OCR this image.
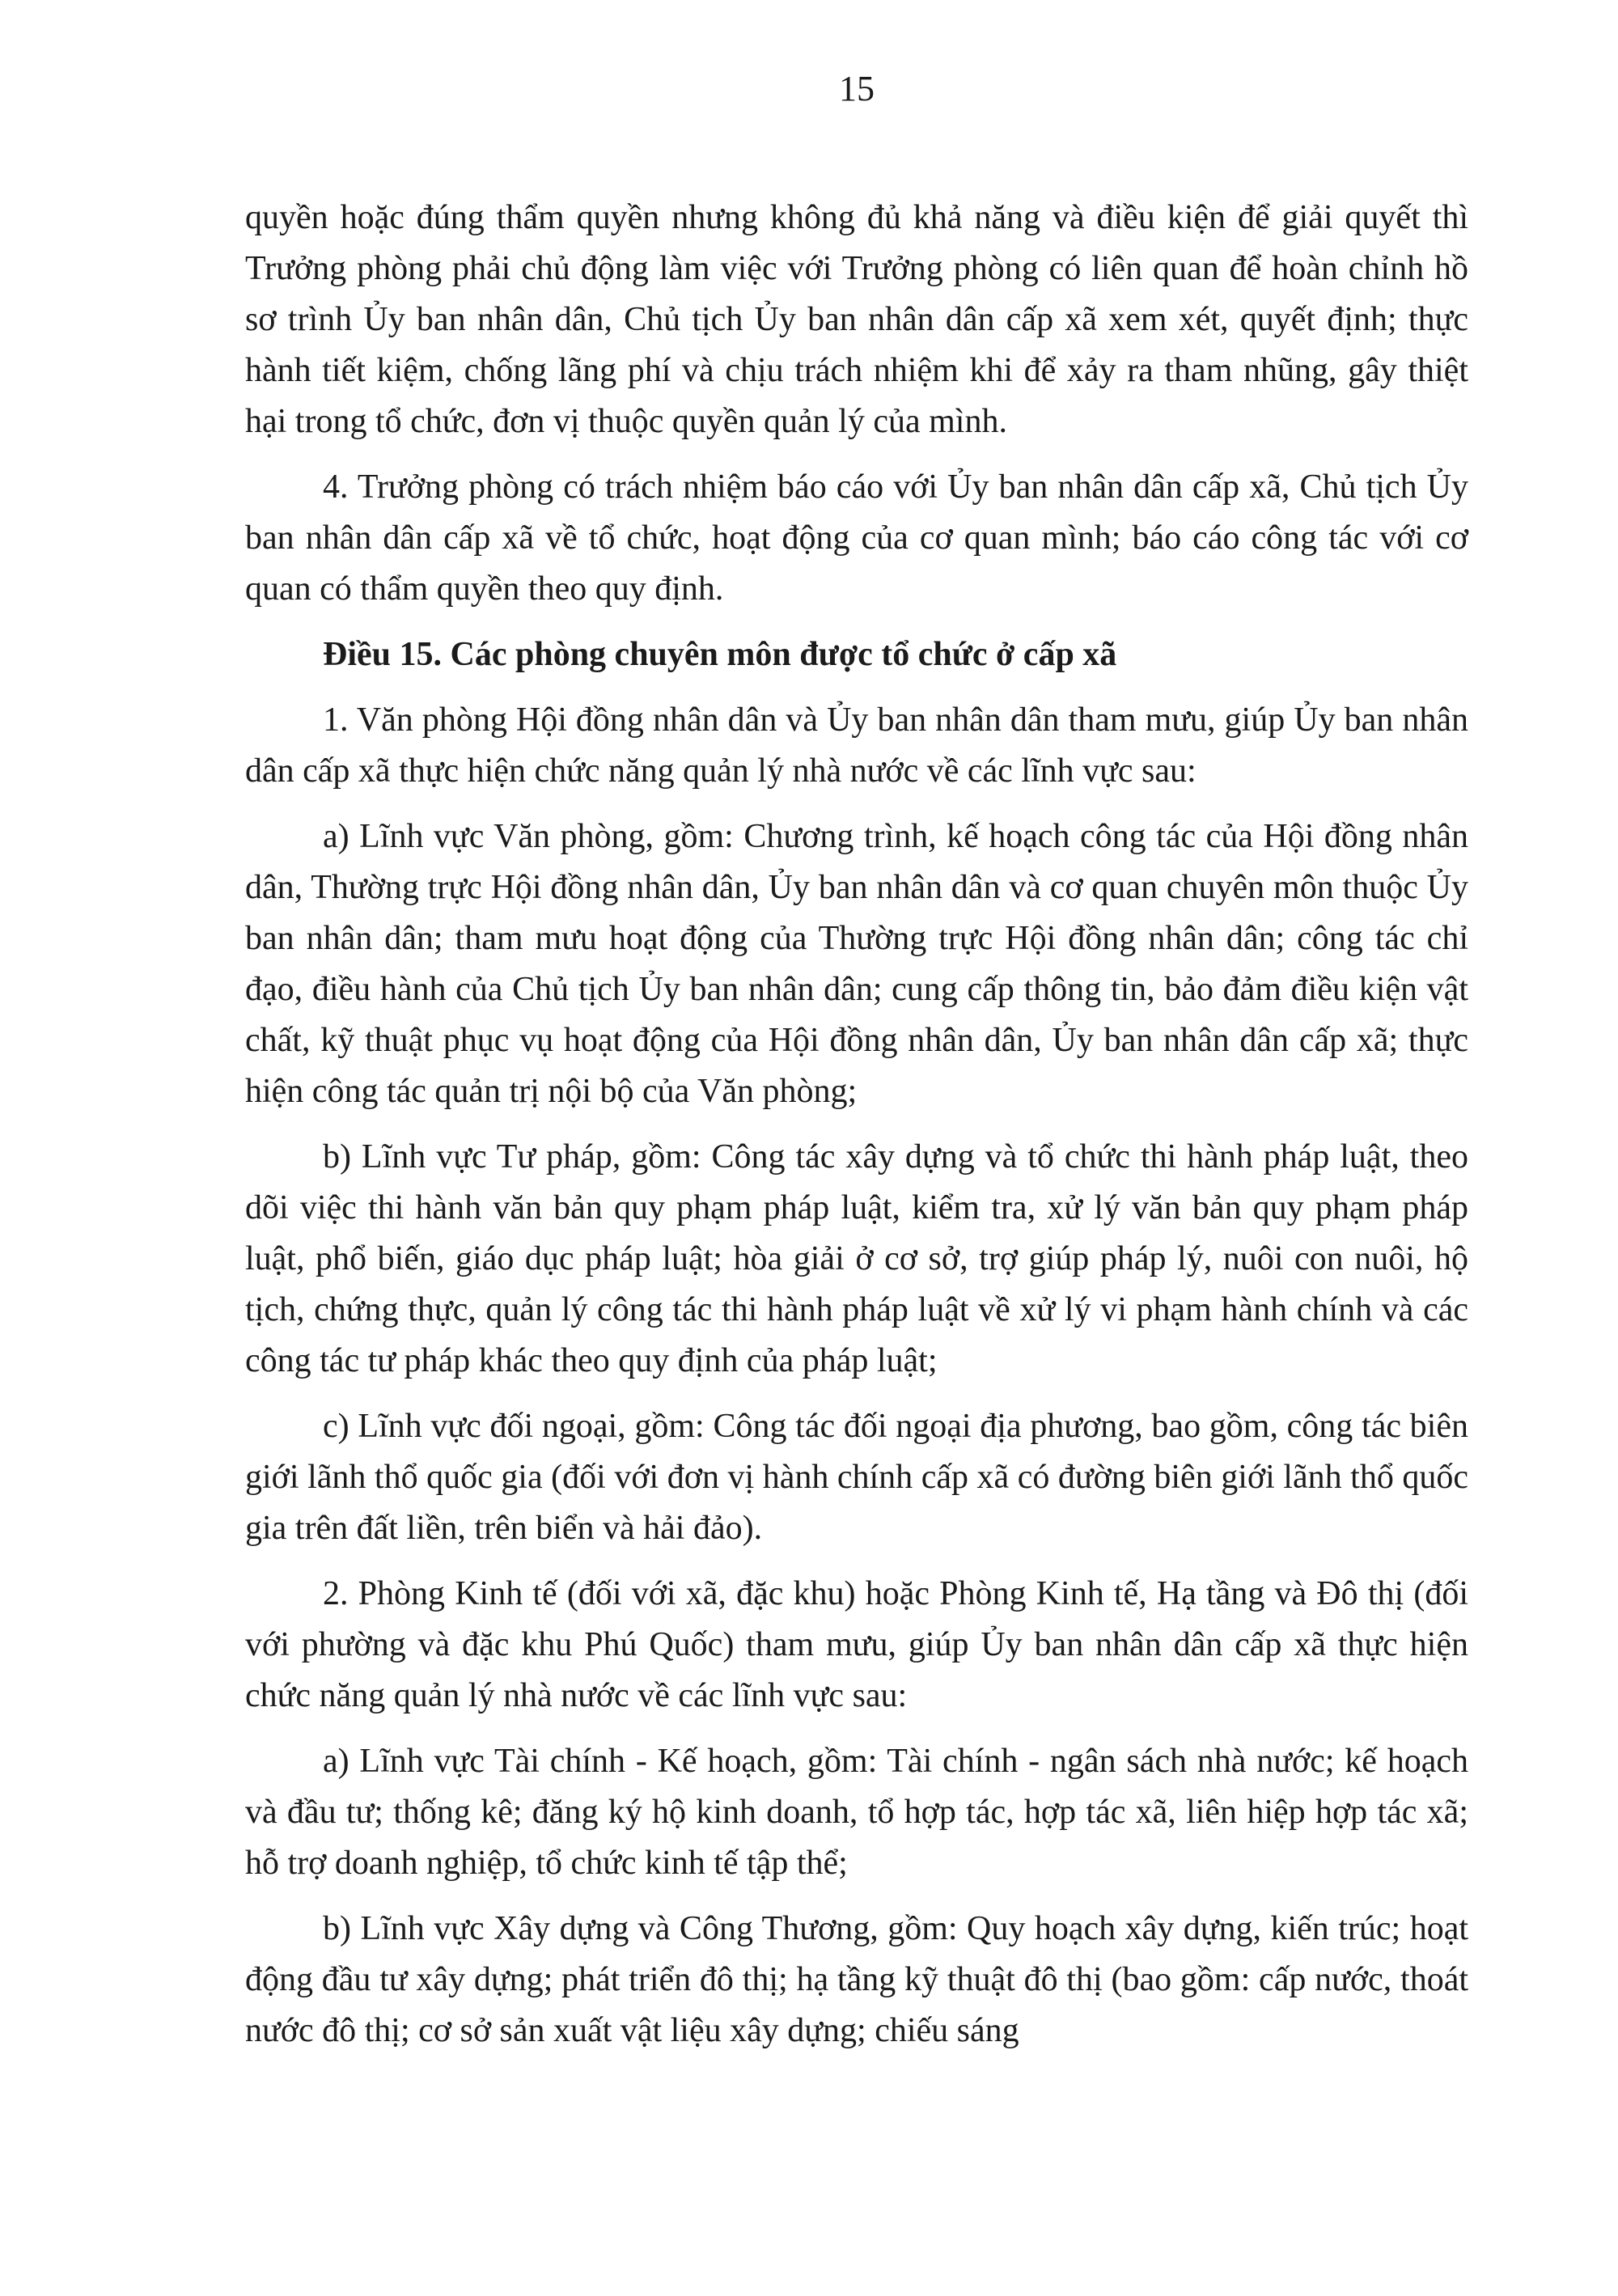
15

quyền hoặc đúng thẩm quyền nhưng không đủ khả năng và điều kiện để giải quyết thì Trưởng phòng phải chủ động làm việc với Trưởng phòng có liên quan để hoàn chỉnh hồ sơ trình Ủy ban nhân dân, Chủ tịch Ủy ban nhân dân cấp xã xem xét, quyết định; thực hành tiết kiệm, chống lãng phí và chịu trách nhiệm khi để xảy ra tham nhũng, gây thiệt hại trong tổ chức, đơn vị thuộc quyền quản lý của mình.

4. Trưởng phòng có trách nhiệm báo cáo với Ủy ban nhân dân cấp xã, Chủ tịch Ủy ban nhân dân cấp xã về tổ chức, hoạt động của cơ quan mình; báo cáo công tác với cơ quan có thẩm quyền theo quy định.

Điều 15. Các phòng chuyên môn được tổ chức ở cấp xã

1. Văn phòng Hội đồng nhân dân và Ủy ban nhân dân tham mưu, giúp Ủy ban nhân dân cấp xã thực hiện chức năng quản lý nhà nước về các lĩnh vực sau:

a) Lĩnh vực Văn phòng, gồm: Chương trình, kế hoạch công tác của Hội đồng nhân dân, Thường trực Hội đồng nhân dân, Ủy ban nhân dân và cơ quan chuyên môn thuộc Ủy ban nhân dân; tham mưu hoạt động của Thường trực Hội đồng nhân dân; công tác chỉ đạo, điều hành của Chủ tịch Ủy ban nhân dân; cung cấp thông tin, bảo đảm điều kiện vật chất, kỹ thuật phục vụ hoạt động của Hội đồng nhân dân, Ủy ban nhân dân cấp xã; thực hiện công tác quản trị nội bộ của Văn phòng;

b) Lĩnh vực Tư pháp, gồm: Công tác xây dựng và tổ chức thi hành pháp luật, theo dõi việc thi hành văn bản quy phạm pháp luật, kiểm tra, xử lý văn bản quy phạm pháp luật, phổ biến, giáo dục pháp luật; hòa giải ở cơ sở, trợ giúp pháp lý, nuôi con nuôi, hộ tịch, chứng thực, quản lý công tác thi hành pháp luật về xử lý vi phạm hành chính và các công tác tư pháp khác theo quy định của pháp luật;

c) Lĩnh vực đối ngoại, gồm: Công tác đối ngoại địa phương, bao gồm, công tác biên giới lãnh thổ quốc gia (đối với đơn vị hành chính cấp xã có đường biên giới lãnh thổ quốc gia trên đất liền, trên biển và hải đảo).

2. Phòng Kinh tế (đối với xã, đặc khu) hoặc Phòng Kinh tế, Hạ tầng và Đô thị (đối với phường và đặc khu Phú Quốc) tham mưu, giúp Ủy ban nhân dân cấp xã thực hiện chức năng quản lý nhà nước về các lĩnh vực sau:

a) Lĩnh vực Tài chính - Kế hoạch, gồm: Tài chính - ngân sách nhà nước; kế hoạch và đầu tư; thống kê; đăng ký hộ kinh doanh, tổ hợp tác, hợp tác xã, liên hiệp hợp tác xã; hỗ trợ doanh nghiệp, tổ chức kinh tế tập thể;

b) Lĩnh vực Xây dựng và Công Thương, gồm: Quy hoạch xây dựng, kiến trúc; hoạt động đầu tư xây dựng; phát triển đô thị; hạ tầng kỹ thuật đô thị (bao gồm: cấp nước, thoát nước đô thị; cơ sở sản xuất vật liệu xây dựng; chiếu sáng
